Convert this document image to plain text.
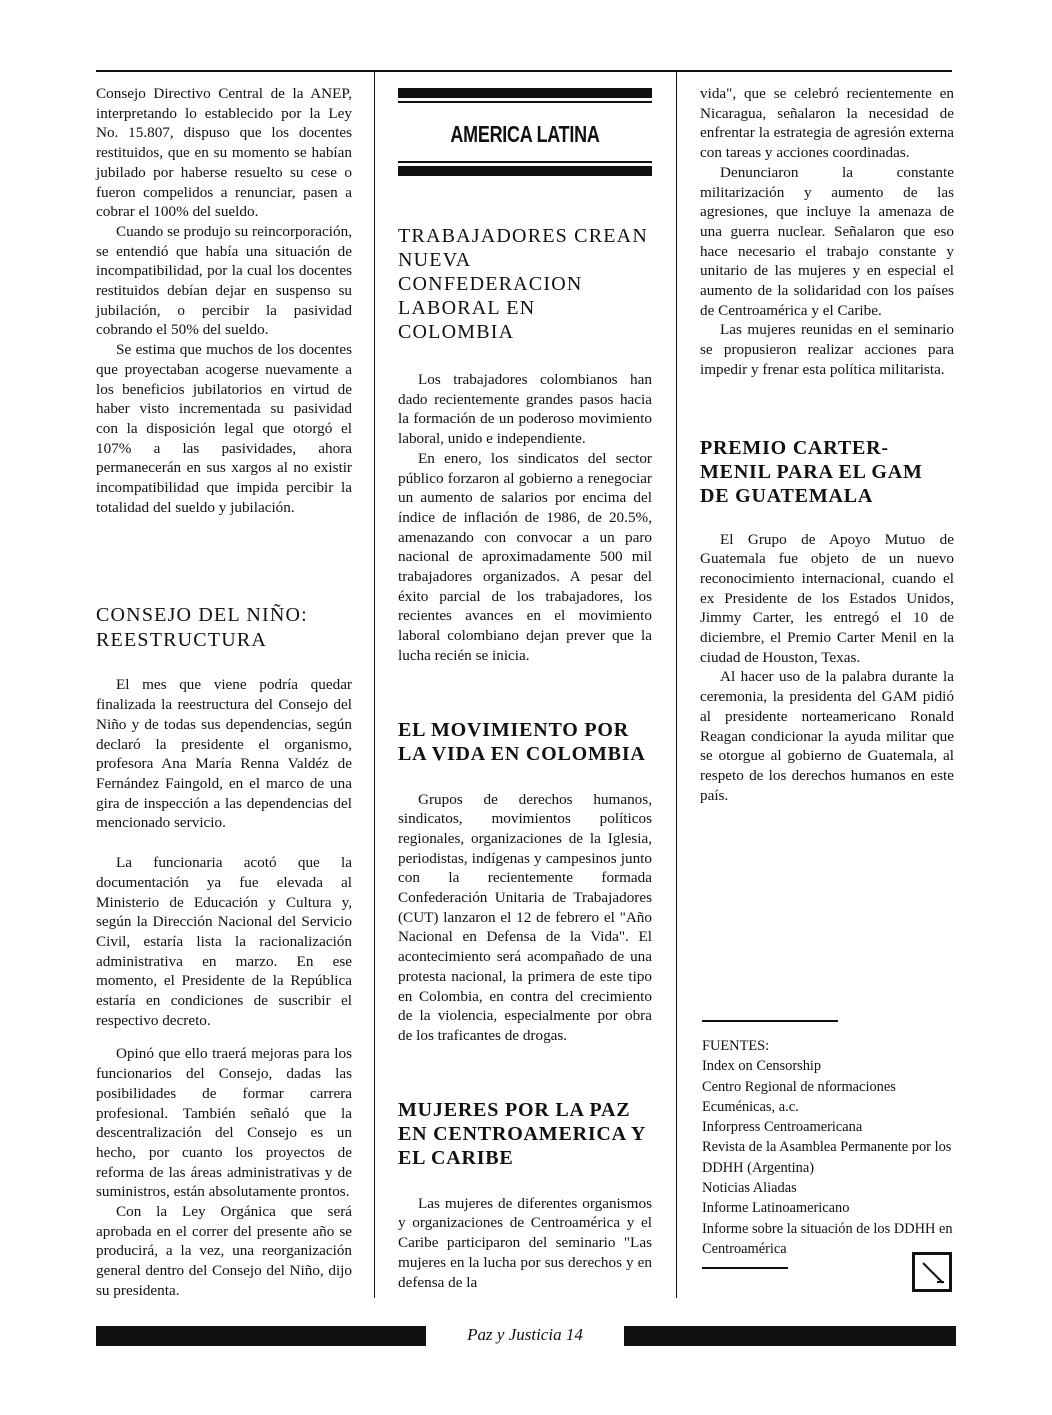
Consejo Directivo Central de la ANEP, interpretando lo establecido por la Ley No. 15.807, dispuso que los docentes restituidos, que en su momento se habían jubilado por haberse resuelto su cese o fueron compelidos a renunciar, pasen a cobrar el 100% del sueldo.

Cuando se produjo su reincorporación, se entendió que había una situación de incompatibilidad, por la cual los docentes restituidos debían dejar en suspenso su jubilación, o percibir la pasividad cobrando el 50% del sueldo.

Se estima que muchos de los docentes que proyectaban acogerse nuevamente a los beneficios jubilatorios en virtud de haber visto incrementada su pasividad con la disposición legal que otorgó el 107% a las pasividades, ahora permanecerán en sus xargos al no existir incompatibilidad que impida percibir la totalidad del sueldo y jubilación.

CONSEJO DEL NIÑO: REESTRUCTURA

El mes que viene podría quedar finalizada la reestructura del Consejo del Niño y de todas sus dependencias, según declaró la presidente el organismo, profesora Ana María Renna Valdéz de Fernández Faingold, en el marco de una gira de inspección a las dependencias del mencionado servicio.

La funcionaria acotó que la documentación ya fue elevada al Ministerio de Educación y Cultura y, según la Dirección Nacional del Servicio Civil, estaría lista la racionalización administrativa en marzo. En ese momento, el Presidente de la República estaría en condiciones de suscribir el respectivo decreto.

Opinó que ello traerá mejoras para los funcionarios del Consejo, dadas las posibilidades de formar carrera profesional. También señaló que la descentralización del Consejo es un hecho, por cuanto los proyectos de reforma de las áreas administrativas y de suministros, están absolutamente prontos.

Con la Ley Orgánica que será aprobada en el correr del presente año se producirá, a la vez, una reorganización general dentro del Consejo del Niño, dijo su presidenta.

AMERICA LATINA
TRABAJADORES CREAN NUEVA CONFEDERACION LABORAL EN COLOMBIA

Los trabajadores colombianos han dado recientemente grandes pasos hacia la formación de un poderoso movimiento laboral, unido e independiente.

En enero, los sindicatos del sector público forzaron al gobierno a renegociar un aumento de salarios por encima del índice de inflación de 1986, de 20.5%, amenazando con convocar a un paro nacional de aproximadamente 500 mil trabajadores organizados. A pesar del éxito parcial de los trabajadores, los recientes avances en el movimiento laboral colombiano dejan prever que la lucha recién se inicia.

EL MOVIMIENTO POR LA VIDA EN COLOMBIA

Grupos de derechos humanos, sindicatos, movimientos políticos regionales, organizaciones de la Iglesia, periodistas, indígenas y campesinos junto con la recientemente formada Confederación Unitaria de Trabajadores (CUT) lanzaron el 12 de febrero el "Año Nacional en Defensa de la Vida". El acontecimiento será acompañado de una protesta nacional, la primera de este tipo en Colombia, en contra del crecimiento de la violencia, especialmente por obra de los traficantes de drogas.

MUJERES POR LA PAZ EN CENTROAMERICA Y EL CARIBE

Las mujeres de diferentes organismos y organizaciones de Centroamérica y el Caribe participaron del seminario "Las mujeres en la lucha por sus derechos y en defensa de la

vida", que se celebró recientemente en Nicaragua, señalaron la necesidad de enfrentar la estrategia de agresión externa con tareas y acciones coordinadas.

Denunciaron la constante militarización y aumento de las agresiones, que incluye la amenaza de una guerra nuclear. Señalaron que eso hace necesario el trabajo constante y unitario de las mujeres y en especial el aumento de la solidaridad con los países de Centroamérica y el Caribe.

Las mujeres reunidas en el seminario se propusieron realizar acciones para impedir y frenar esta política militarista.

PREMIO CARTER-MENIL PARA EL GAM DE GUATEMALA

El Grupo de Apoyo Mutuo de Guatemala fue objeto de un nuevo reconocimiento internacional, cuando el ex Presidente de los Estados Unidos, Jimmy Carter, les entregó el 10 de diciembre, el Premio Carter Menil en la ciudad de Houston, Texas.

Al hacer uso de la palabra durante la ceremonia, la presidenta del GAM pidió al presidente norteamericano Ronald Reagan condicionar la ayuda militar que se otorgue al gobierno de Guatemala, al respeto de los derechos humanos en este país.

FUENTES:
Index on Censorship
Centro Regional de nformaciones Ecuménicas, a.c.
Inforpress Centroamericana
Revista de la Asamblea Permanente por los DDHH (Argentina)
Noticias Aliadas
Informe Latinoamericano
Informe sobre la situación de los DDHH en Centroamérica
Paz y Justicia 14
